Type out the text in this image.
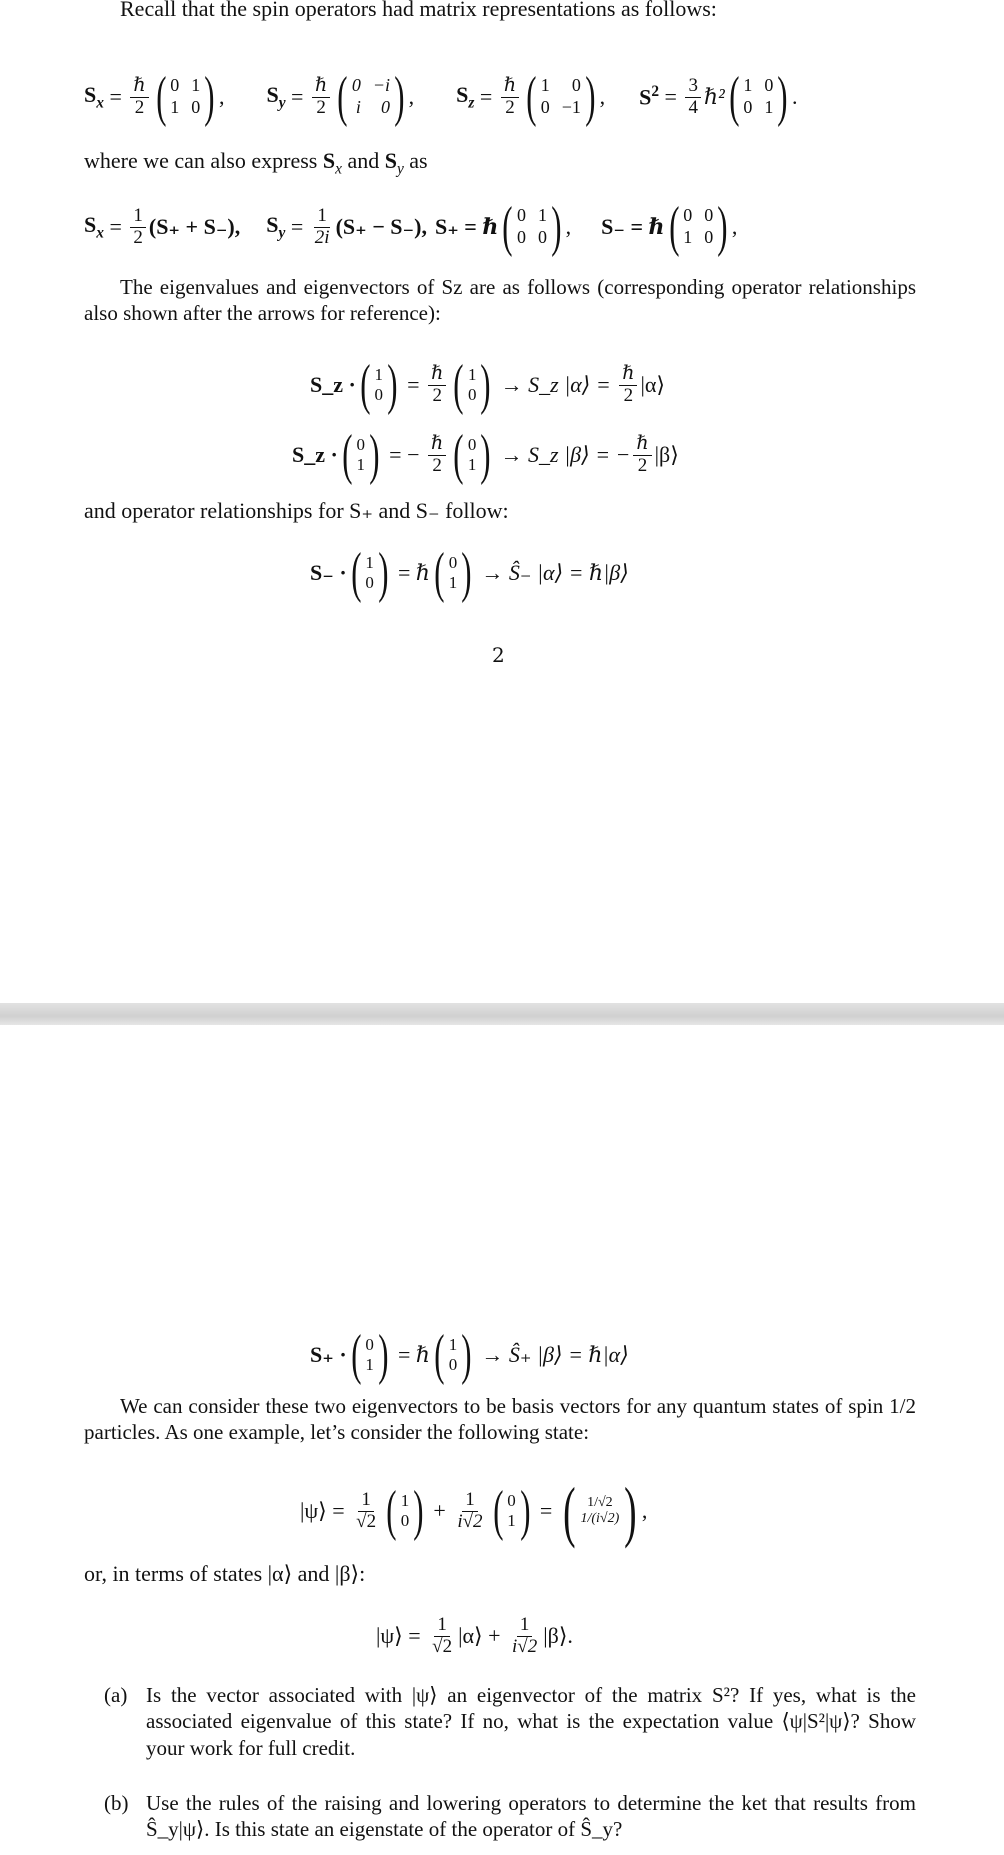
Recall that the spin operators had matrix representations as follows:
$S_x = \frac{\text{ℏ}}{2}$ ( 0 1
1 0 ) , $S_y = \frac{\text{ℏ}}{2}$ ( 0 −i
i	0 ) , $S_z = \frac{\text{ℏ}}{2}$ ( 1	0
0 −1 ) , $S^2 = \frac{3}{4}$ ℏ² ( 1 0
0 1 ) .
where we can also express $S_x$ and $S_y$ as
$S_x = \frac{1}{2} (S_+ + S_-)$, $S_y = \frac{1}{2i} (S_+ - S_-)$, S₊ = ℏ ( 0 1
0 0 ) , S₋ = ℏ ( 0 0
1 0 ) ,
The eigenvalues and eigenvectors of Sz are as follows (corresponding operator relationships also shown after the arrows for reference):
S_z · ( 1
0 )
=
$\frac{\text{ℏ}}{2}$ ( 1
0 )
→ S_z |α⟩ =
$\frac{\text{ℏ}}{2}$ |α⟩
S_z · ( 0
1 )
= −
$\frac{\text{ℏ}}{2}$ ( 0
1 )
→ S_z |β⟩ = − $\frac{\text{ℏ}}{2}$ |β⟩
and operator relationships for S₊ and S₋ follow:
S₋ · ( 1
0 )
= ℏ ( 0
1 )
→ Ŝ₋ |α⟩ = ℏ|β⟩
2
S₊ · ( 0
1 )
= ℏ ( 1
0 )
→ Ŝ₊ |β⟩ = ℏ|α⟩
We can consider these two eigenvectors to be basis vectors for any quantum states of spin 1/2 particles. As one example, let’s consider the following state:
|ψ⟩ =
$\frac{1}{√2}$ ( 1
0 )
+
$\frac{1}{i√2}$ ( 0
1 )
=
( 1/√2
1/(i√2) ) ,
or, in terms of states |α⟩ and |β⟩:
|ψ⟩ =
$\frac{1}{√2}$ |α⟩ +
$\frac{1}{i√2}$ |β⟩.
(a) Is the vector associated with |ψ⟩ an eigenvector of the matrix S²? If yes, what is the associated eigenvalue of this state? If no, what is the expectation value ⟨ψ|S²|ψ⟩? Show your work for full credit.
(b) Use the rules of the raising and lowering operators to determine the ket that results from Ŝ_y|ψ⟩. Is this state an eigenstate of the operator of Ŝ_y?
